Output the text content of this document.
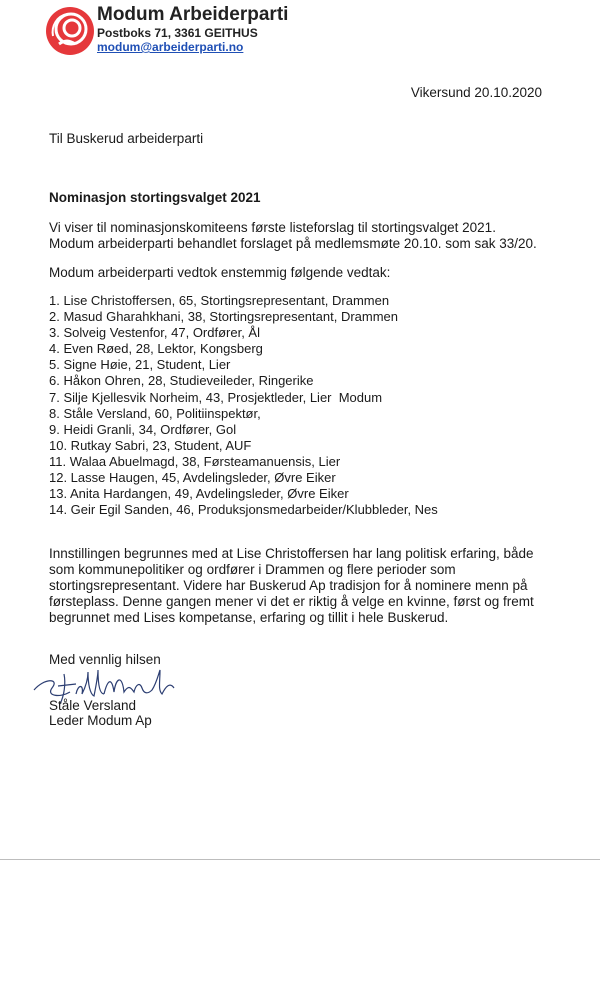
Modum Arbeiderparti
Postboks 71, 3361 GEITHUS
modum@arbeiderparti.no
Vikersund 20.10.2020
Til Buskerud arbeiderparti
Nominasjon stortingsvalget 2021
Vi viser til nominasjonskomiteens første listeforslag til stortingsvalget 2021.
Modum arbeiderparti behandlet forslaget på medlemsmøte 20.10. som sak 33/20.
Modum arbeiderparti vedtok enstemmig følgende vedtak:
1. Lise Christoffersen, 65, Stortingsrepresentant, Drammen
2. Masud Gharahkhani, 38, Stortingsrepresentant, Drammen
3. Solveig Vestenfor, 47, Ordfører, Ål
4. Even Røed, 28, Lektor, Kongsberg
5. Signe Høie, 21, Student, Lier
6. Håkon Ohren, 28, Studieveileder, Ringerike
7. Silje Kjellesvik Norheim, 43, Prosjektleder, Lier  Modum
8. Ståle Versland, 60, Politiinspektør,
9. Heidi Granli, 34, Ordfører, Gol
10. Rutkay Sabri, 23, Student, AUF
11. Walaa Abuelmagd, 38, Førsteamanuensis, Lier
12. Lasse Haugen, 45, Avdelingsleder, Øvre Eiker
13. Anita Hardangen, 49, Avdelingsleder, Øvre Eiker
14. Geir Egil Sanden, 46, Produksjonsmedarbeider/Klubbleder, Nes
Innstillingen begrunnes med at Lise Christoffersen har lang politisk erfaring, både
som kommunepolitiker og ordfører i Drammen og flere perioder som
stortingsrepresentant. Videre har Buskerud Ap tradisjon for å nominere menn på
førsteplass. Denne gangen mener vi det er riktig å velge en kvinne, først og fremt
begrunnet med Lises kompetanse, erfaring og tillit i hele Buskerud.
Med vennlig hilsen
Ståle Versland
Leder Modum Ap
